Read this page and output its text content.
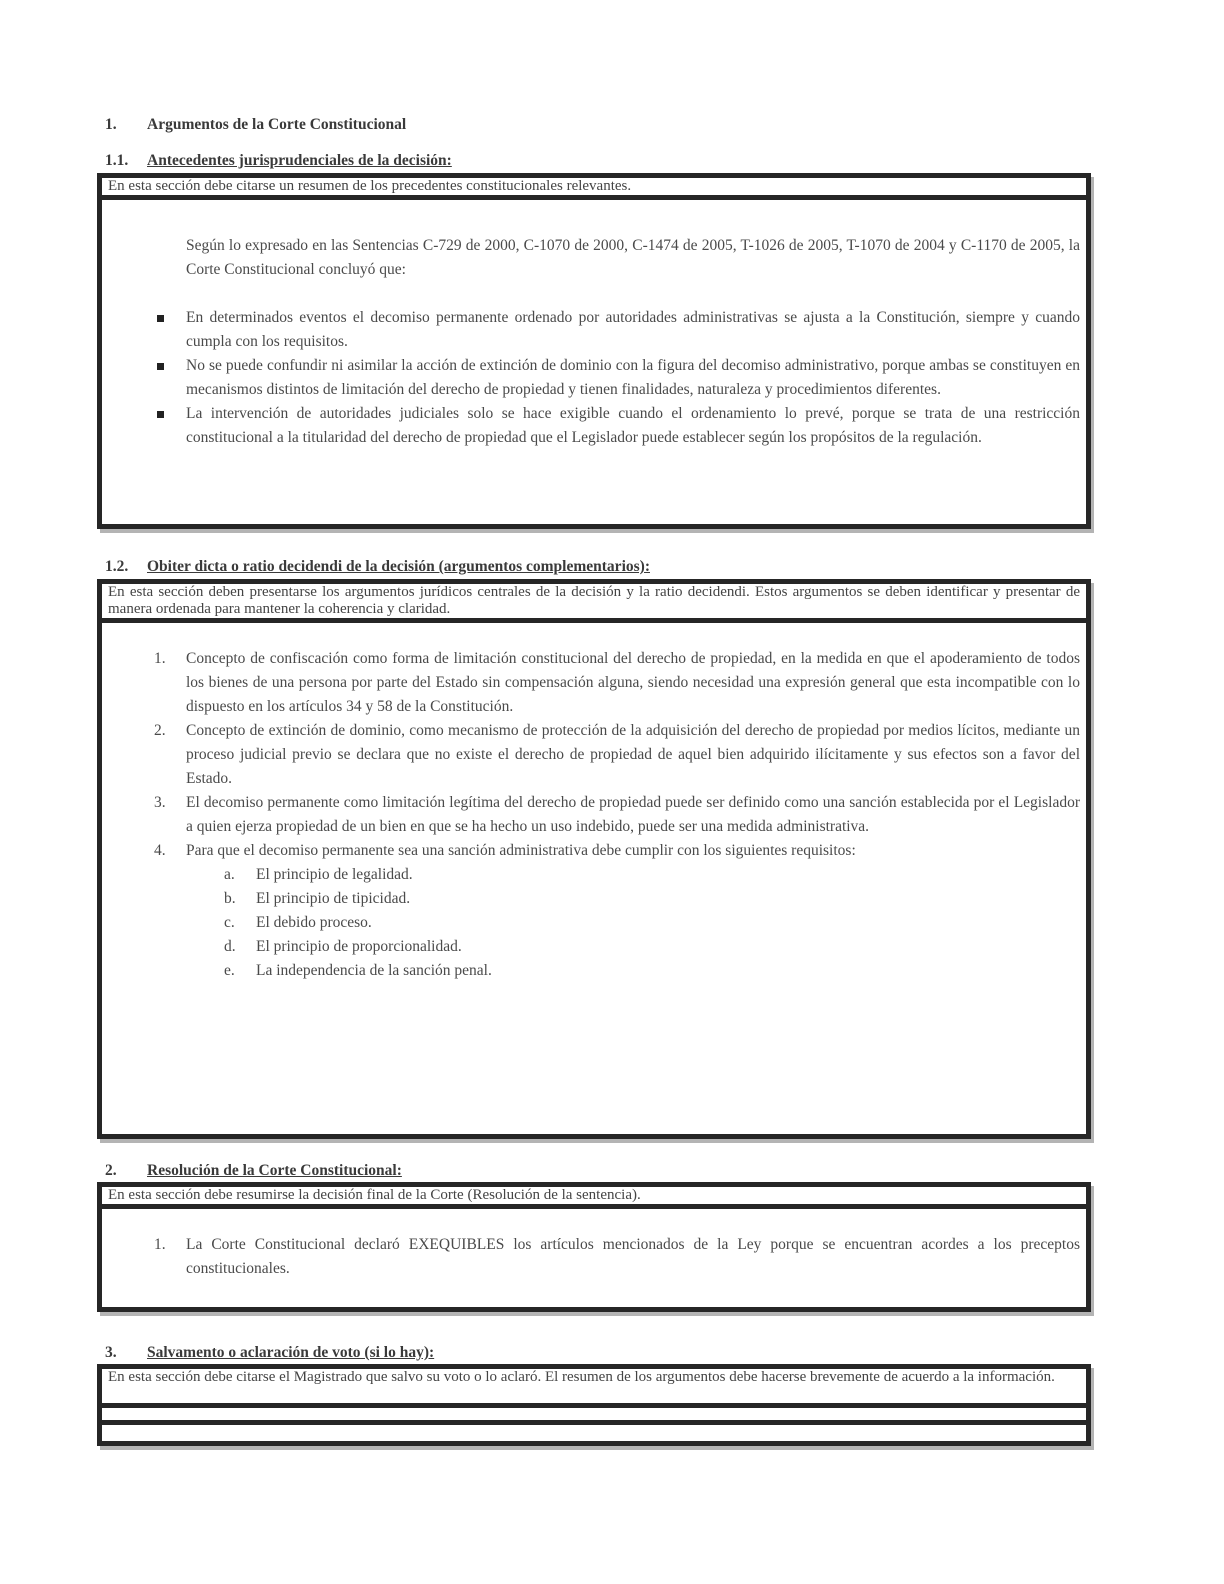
1. Argumentos de la Corte Constitucional
1.1. Antecedentes jurisprudenciales de la decisión:
En esta sección debe citarse un resumen de los precedentes constitucionales relevantes.
Según lo expresado en las Sentencias C-729 de 2000, C-1070 de 2000, C-1474 de 2005, T-1026 de 2005, T-1070 de 2004 y C-1170 de 2005, la Corte Constitucional concluyó que:
En determinados eventos el decomiso permanente ordenado por autoridades administrativas se ajusta a la Constitución, siempre y cuando cumpla con los requisitos.
No se puede confundir ni asimilar la acción de extinción de dominio con la figura del decomiso administrativo, porque ambas se constituyen en mecanismos distintos de limitación del derecho de propiedad y tienen finalidades, naturaleza y procedimientos diferentes.
La intervención de autoridades judiciales solo se hace exigible cuando el ordenamiento lo prevé, porque se trata de una restricción constitucional a la titularidad del derecho de propiedad que el Legislador puede establecer según los propósitos de la regulación.
1.2. Obiter dicta o ratio decidendi de la decisión (argumentos complementarios):
En esta sección deben presentarse los argumentos jurídicos centrales de la decisión y la ratio decidendi. Estos argumentos se deben identificar y presentar de manera ordenada para mantener la coherencia y claridad.
1.	Concepto de confiscación como forma de limitación constitucional del derecho de propiedad, en la medida en que el apoderamiento de todos los bienes de una persona por parte del Estado sin compensación alguna, siendo necesidad una expresión general que esta incompatible con lo dispuesto en los artículos 34 y 58 de la Constitución.
2.	Concepto de extinción de dominio, como mecanismo de protección de la adquisición del derecho de propiedad por medios lícitos, mediante un proceso judicial previo se declara que no existe el derecho de propiedad de aquel bien adquirido ilícitamente y sus efectos son a favor del Estado.
3.	El decomiso permanente como limitación legítima del derecho de propiedad puede ser definido como una sanción establecida por el Legislador a quien ejerza propiedad de un bien en que se ha hecho un uso indebido, puede ser una medida administrativa.
4.	Para que el decomiso permanente sea una sanción administrativa debe cumplir con los siguientes requisitos:
a.	El principio de legalidad.
b.	El principio de tipicidad.
c.	El debido proceso.
d.	El principio de proporcionalidad.
e.	La independencia de la sanción penal.
2. Resolución de la Corte Constitucional:
En esta sección debe resumirse la decisión final de la Corte (Resolución de la sentencia).
1.	La Corte Constitucional declaró EXEQUIBLES los artículos mencionados de la Ley porque se encuentran acordes a los preceptos constitucionales.
3. Salvamento o aclaración de voto (si lo hay):
En esta sección debe citarse el Magistrado que salvo su voto o lo aclaró. El resumen de los argumentos debe hacerse brevemente de acuerdo a la información.
